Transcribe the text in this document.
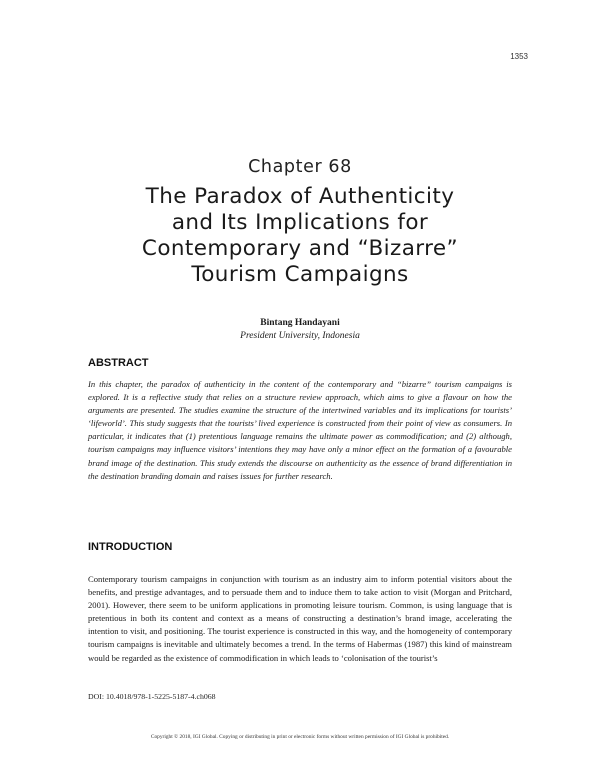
1353
Chapter 68
The Paradox of Authenticity
and Its Implications for
Contemporary and “Bizarre”
Tourism Campaigns
Bintang Handayani
President University, Indonesia
ABSTRACT

In this chapter, the paradox of authenticity in the content of the contemporary and “bizarre” tourism campaigns is explored. It is a reflective study that relies on a structure review approach, which aims to give a flavour on how the arguments are presented. The studies examine the structure of the intertwined variables and its implications for tourists’ ‘lifeworld’. This study suggests that the tourists’ lived experience is constructed from their point of view as consumers. In particular, it indicates that (1) pretentious language remains the ultimate power as commodification; and (2) although, tourism campaigns may influence visitors’ intentions they may have only a minor effect on the formation of a favourable brand image of the destination. This study extends the discourse on authenticity as the essence of brand differentiation in the destination branding domain and raises issues for further research.

INTRODUCTION

Contemporary tourism campaigns in conjunction with tourism as an industry aim to inform potential visitors about the benefits, and prestige advantages, and to persuade them and to induce them to take action to visit (Morgan and Pritchard, 2001). However, there seem to be uniform applications in promoting leisure tourism. Common, is using language that is pretentious in both its content and context as a means of constructing a destination’s brand image, accelerating the intention to visit, and positioning. The tourist experience is constructed in this way, and the homogeneity of contemporary tourism campaigns is inevitable and ultimately becomes a trend. In the terms of Habermas (1987) this kind of mainstream would be regarded as the existence of commodification in which leads to ‘colonisation of the tourist’s

DOI: 10.4018/978-1-5225-5187-4.ch068
Copyright © 2018, IGI Global. Copying or distributing in print or electronic forms without written permission of IGI Global is prohibited.
